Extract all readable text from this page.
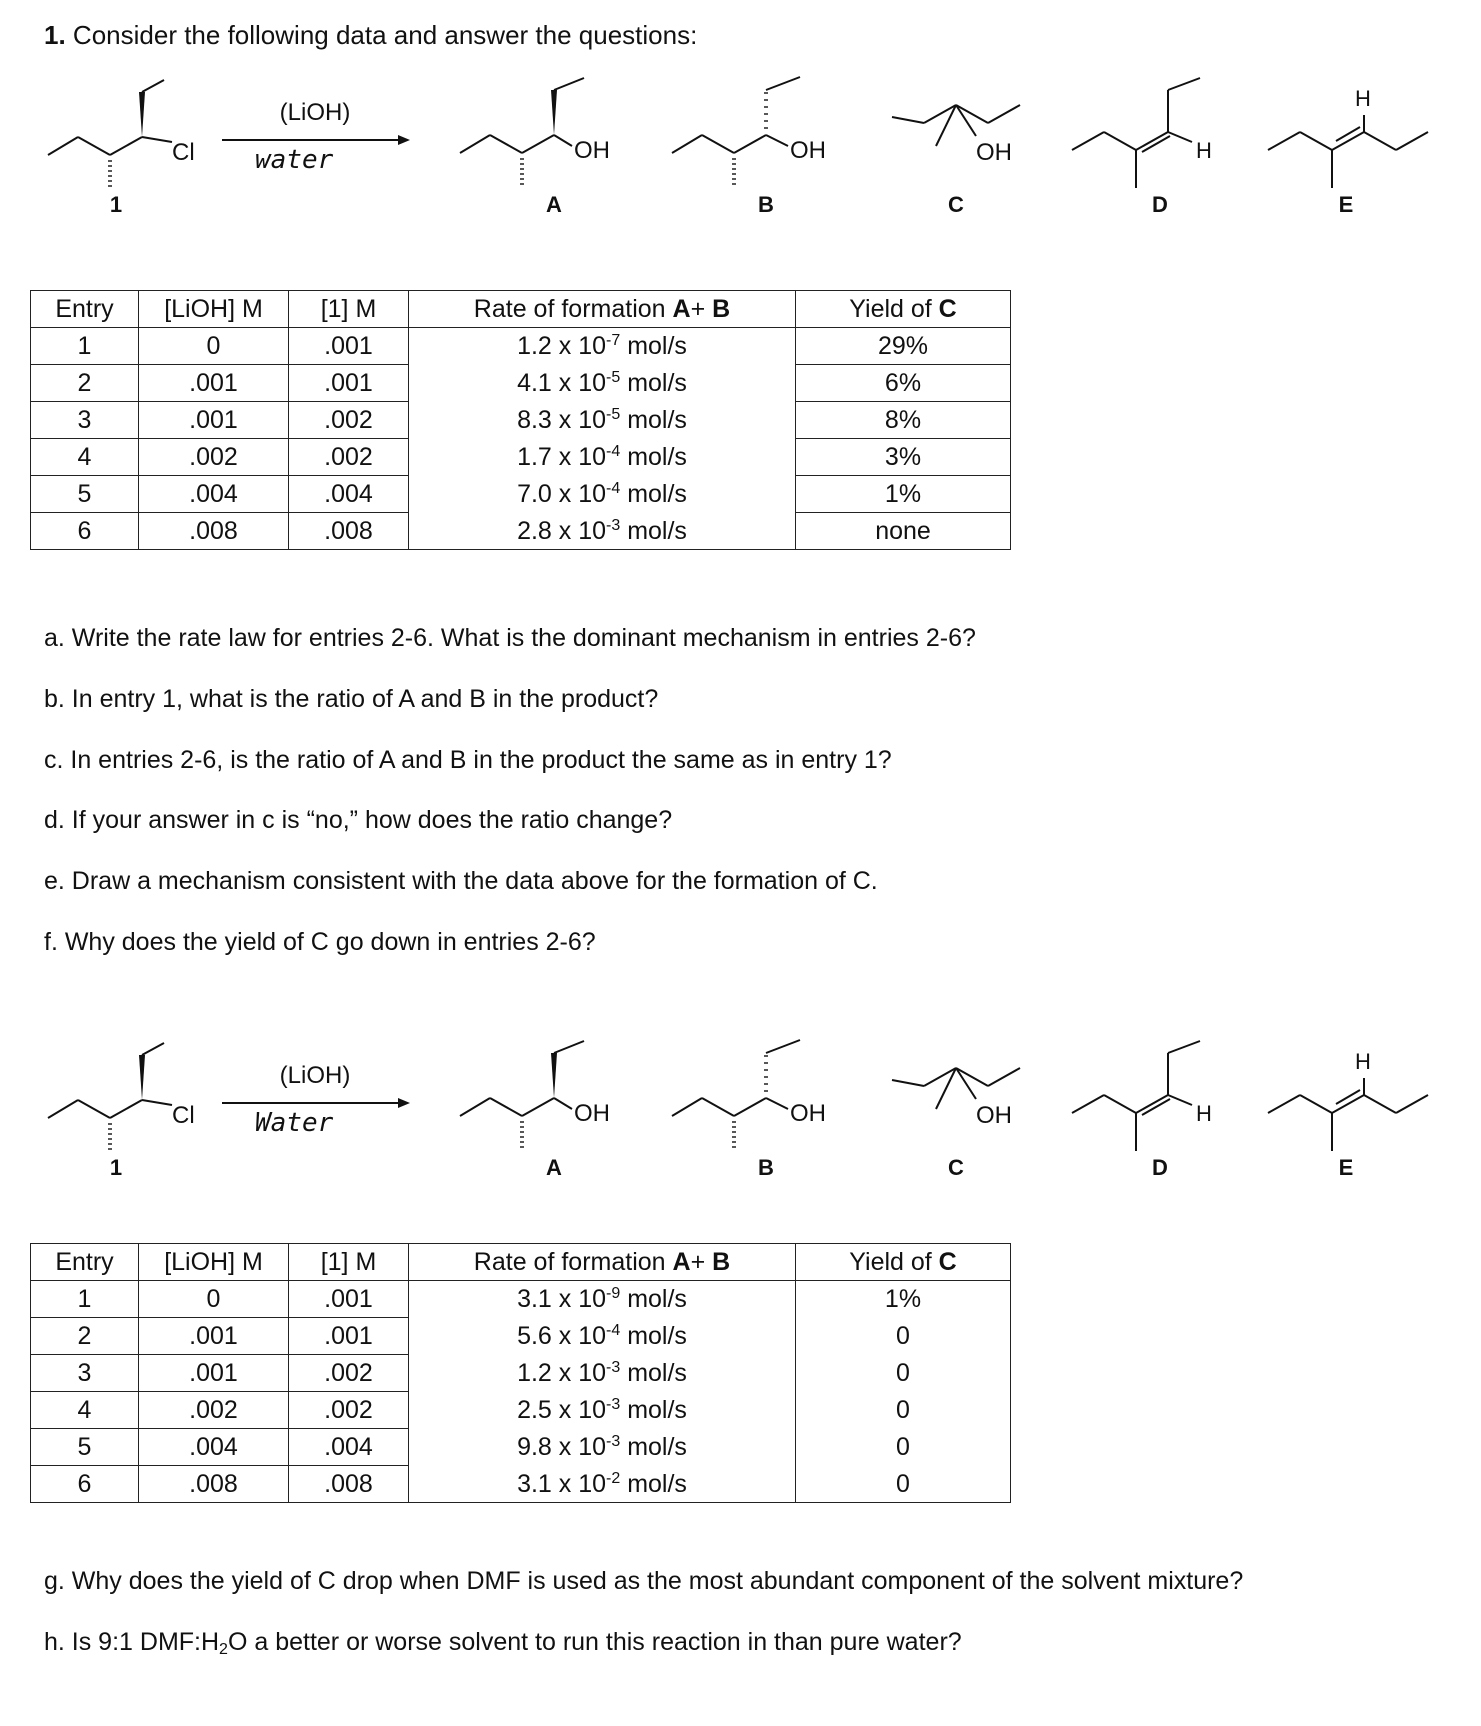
1. Consider the following data and answer the questions:
Cl
(LiOH)
water	OH	OH	OH	H
H
1	A	B	C	D	E
Entry	[LiOH] M	[1] M	Rate of formation A+ B	Yield of C
1	0	.001	1.2 x $10^{-7}$ mol/s	29%
2	.001	.001	4.1 x $10^{-5}$ mol/s	6%
3	.001	.002	8.3 x $10^{-5}$ mol/s	8%
4	.002	.002	1.7 x $10^{-4}$ mol/s	3%
5	.004	.004	7.0 x $10^{-4}$ mol/s	1%
6	.008	.008	2.8 x $10^{-3}$ mol/s	none
a. Write the rate law for entries 2-6. What is the dominant mechanism in entries 2-6?
b. In entry 1, what is the ratio of A and B in the product?
c. In entries 2-6, is the ratio of A and B in the product the same as in entry 1?
d. If your answer in c is “no,” how does the ratio change?
e. Draw a mechanism consistent with the data above for the formation of C.
f. Why does the yield of C go down in entries 2-6?
Cl
(LiOH)
Water	OH	OH	OH	H
H
1	A	B	C	D	E
Entry	[LiOH] M	[1] M	Rate of formation A+ B	Yield of C
1	0	.001	3.1 x $10^{-9}$ mol/s	1%
2	.001	.001	5.6 x $10^{-4}$ mol/s	0
3	.001	.002	1.2 x $10^{-3}$ mol/s	0
4	.002	.002	2.5 x $10^{-3}$ mol/s	0
5	.004	.004	9.8 x $10^{-3}$ mol/s	0
6	.008	.008	3.1 x $10^{-2}$ mol/s	0
g. Why does the yield of C drop when DMF is used as the most abundant component of the solvent mixture?
h. Is 9:1 $DMF:H_2O$ a better or worse solvent to run this reaction in than pure water?
